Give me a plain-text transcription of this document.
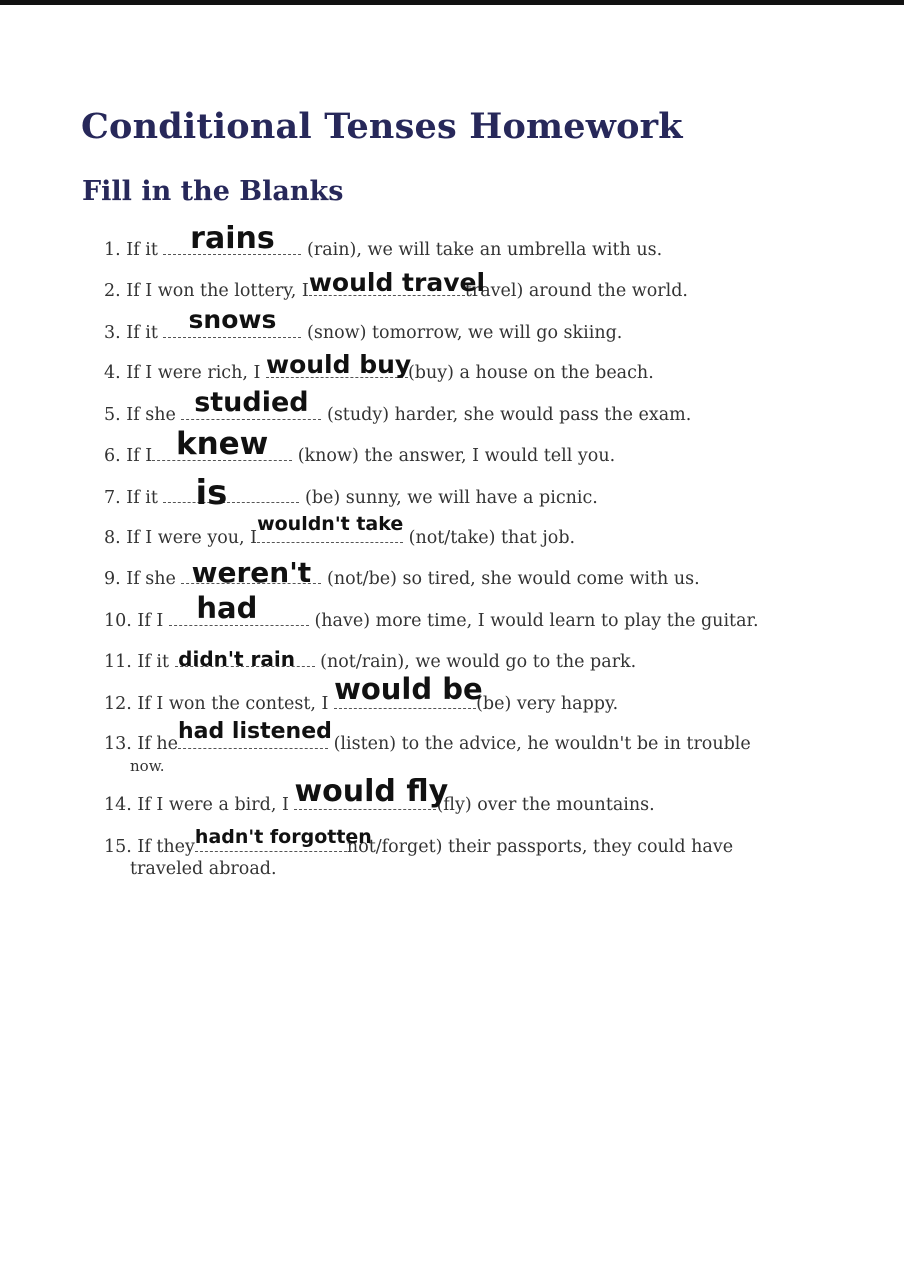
Conditional Tenses Homework
Fill in the Blanks
1. If it	rains	(rain), we will take an umbrella with us.
2. If I won the lottery, I would travel
travel) around the world.
3. If it	snows	(snow) tomorrow, we will go skiing.
4. If I were rich, I would buy
(buy) a house on the beach.
5. If she studied	(study) harder, she would pass the exam.
6. If I knew	(know) the answer, I would tell you.
7. If it	is	(be) sunny, we will have a picnic.
8. If I were you, I
wouldn't take
(not/take) that job.
9. If she weren't (not/be) so tired, she would come with us.
10. If I	had	(have) more time, I would learn to play the guitar.
11. If it didn't rain (not/rain), we would go to the park.
12. If I won the contest, I would be
(be) very happy.
13. If he had listened (listen) to the advice, he wouldn't be in trouble
now.
14. If I were a bird, I would fly
(fly) over the mountains.
15. If they hadn't forgotten
not/forget) their passports, they could have
traveled abroad.
